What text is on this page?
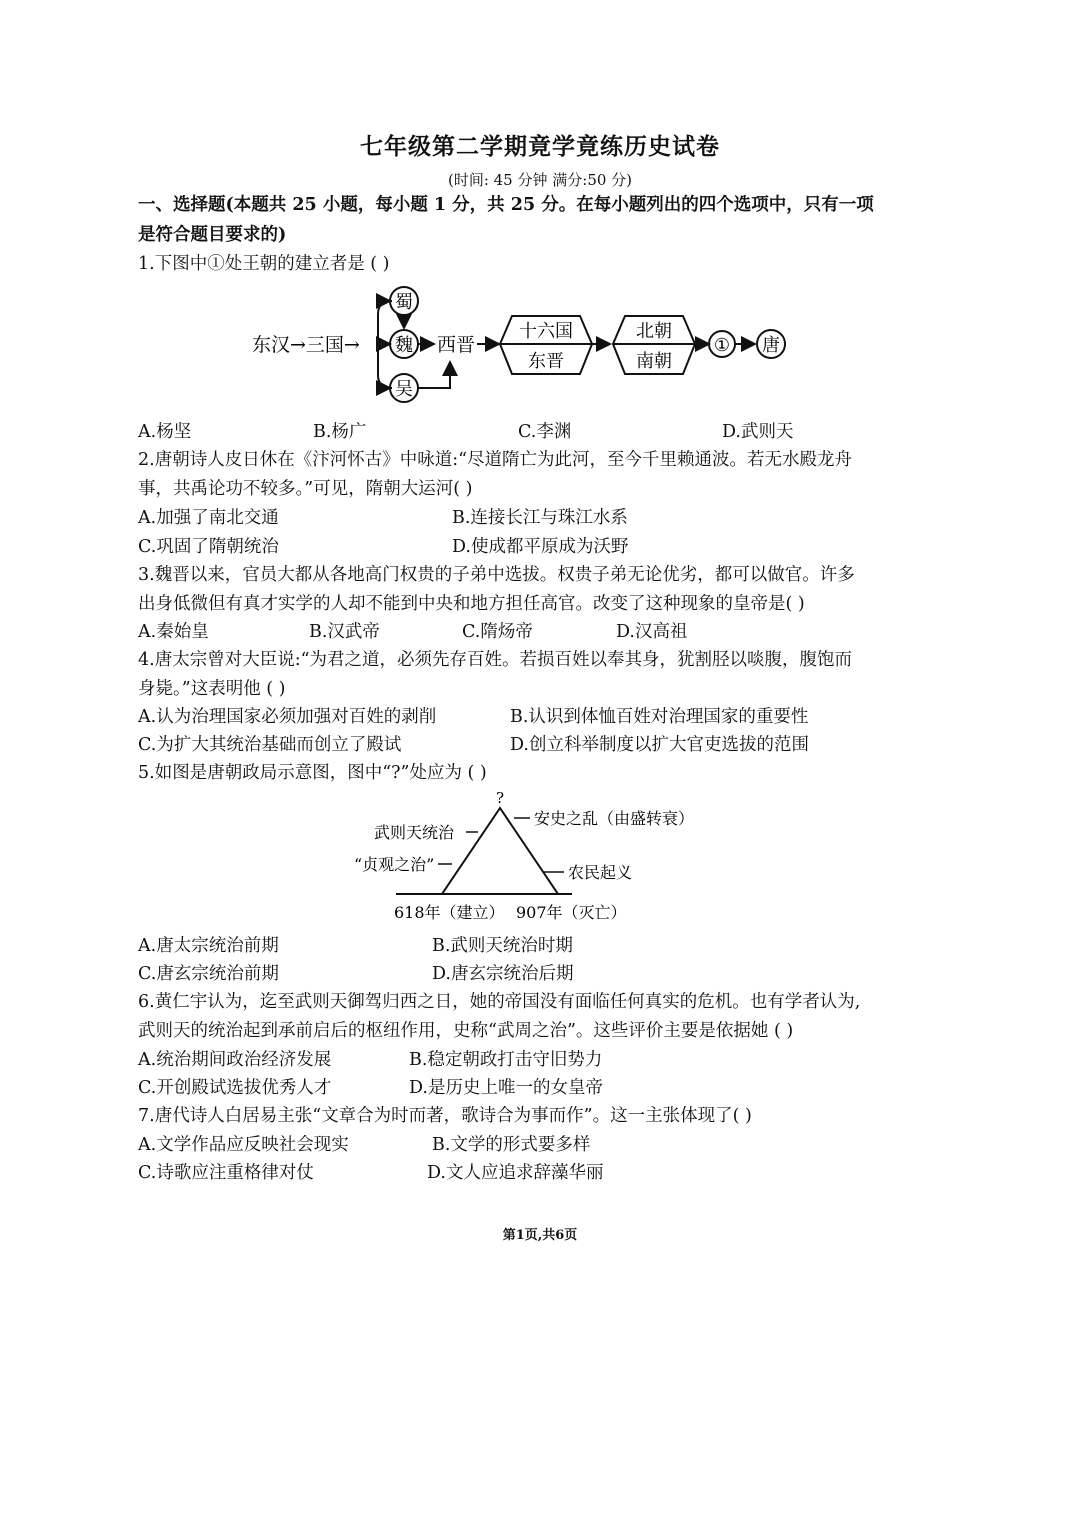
七年级第二学期竟学竟练历史试卷
(时间: 45 分钟 满分:50 分)
一、选择题(本题共 25 小题，每小题 1 分，共 25 分。在每小题列出的四个选项中，只有一项
是符合题目要求的)
1.下图中①处王朝的建立者是 ( )
东汉→三国→
蜀
魏
吴
西晋
十六国
东晋
北朝
南朝
① 唐
A.杨坚	B.杨广	C.李渊	D.武则天
2.唐朝诗人皮日休在《汴河怀古》中咏道:“尽道隋亡为此河，至今千里赖通波。若无水殿龙舟
事，共禹论功不较多。”可见，隋朝大运河( )
A.加强了南北交通	B.连接长江与珠江水系
C.巩固了隋朝统治	D.使成都平原成为沃野
3.魏晋以来，官员大都从各地高门权贵的子弟中选拔。权贵子弟无论优劣，都可以做官。许多
出身低微但有真才实学的人却不能到中央和地方担任高官。改变了这种现象的皇帝是( )
A.秦始皇	B.汉武帝	C.隋炀帝	D.汉高祖
4.唐太宗曾对大臣说:“为君之道，必须先存百姓。若损百姓以奉其身，犹割胫以啖腹，腹饱而
身毙。”这表明他 ( )
A.认为治理国家必须加强对百姓的剥削	B.认识到体恤百姓对治理国家的重要性
C.为扩大其统治基础而创立了殿试	D.创立科举制度以扩大官吏选拔的范围
5.如图是唐朝政局示意图，图中“?”处应为 ( )
?
武则天统治
“贞观之治”
安史之乱（由盛转衰）
农民起义
618年（建立） 907年（灭亡）
A.唐太宗统治前期	B.武则天统治时期
C.唐玄宗统治前期	D.唐玄宗统治后期
6.黄仁宇认为，迄至武则天御驾归西之日，她的帝国没有面临任何真实的危机。也有学者认为,
武则天的统治起到承前启后的枢纽作用，史称“武周之治”。这些评价主要是依据她 ( )
A.统治期间政治经济发展	B.稳定朝政打击守旧势力
C.开创殿试选拔优秀人才	D.是历史上唯一的女皇帝
7.唐代诗人白居易主张“文章合为时而著，歌诗合为事而作”。这一主张体现了( )
A.文学作品应反映社会现实	B.文学的形式要多样
C.诗歌应注重格律对仗	D.文人应追求辞藻华丽
第1页,共6页
